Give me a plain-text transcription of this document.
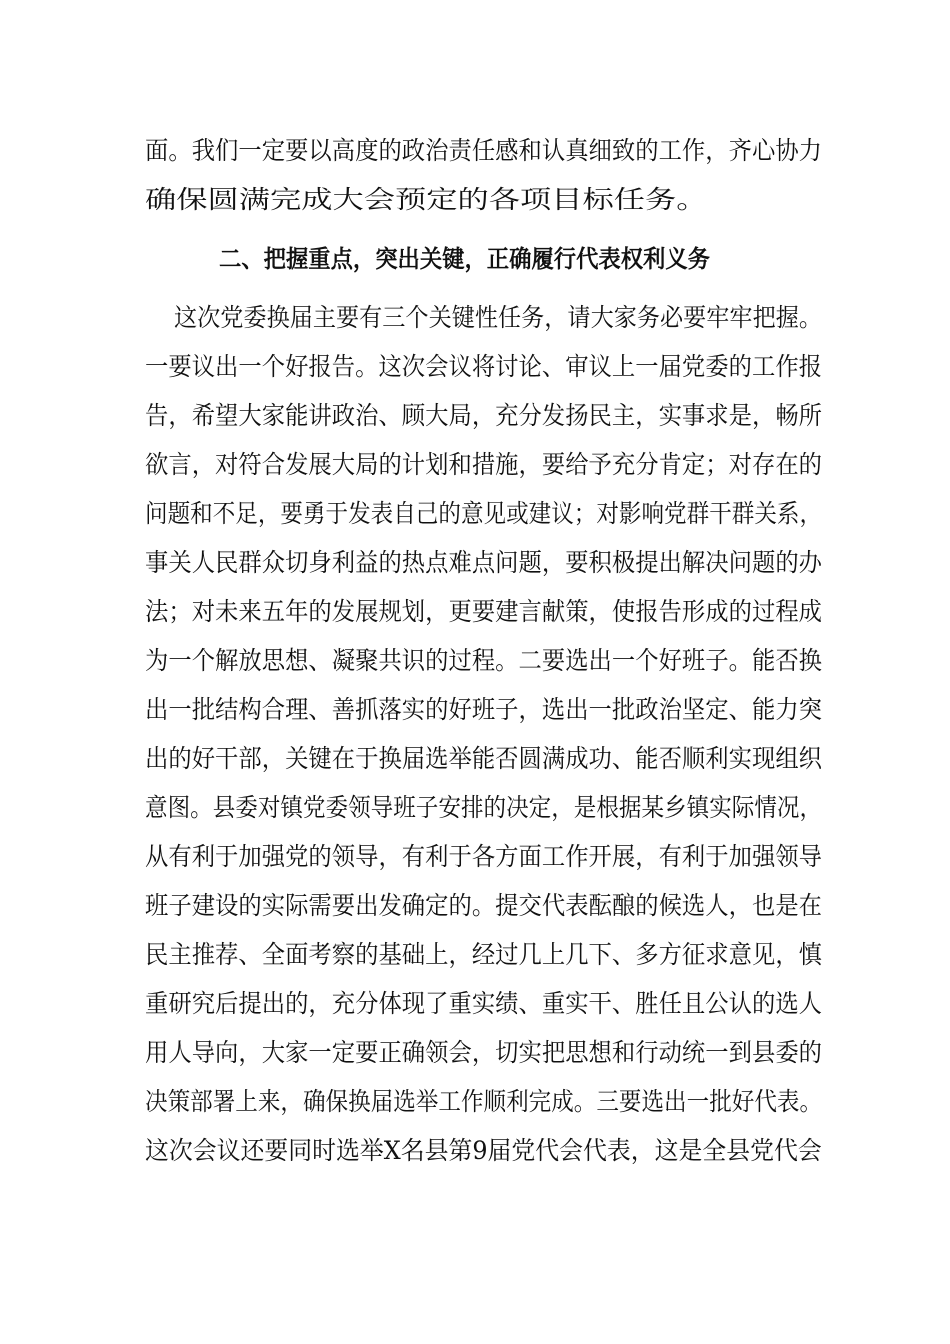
面。我们一定要以高度的政治责任感和认真细致的工作，齐心协力

确保圆满完成大会预定的各项目标任务。

二、把握重点，突出关键，正确履行代表权利义务

这次党委换届主要有三个关键性任务，请大家务必要牢牢把握。

一要议出一个好报告。这次会议将讨论、审议上一届党委的工作报

告，希望大家能讲政治、顾大局，充分发扬民主，实事求是，畅所

欲言，对符合发展大局的计划和措施，要给予充分肯定；对存在的

问题和不足，要勇于发表自己的意见或建议；对影响党群干群关系，

事关人民群众切身利益的热点难点问题，要积极提出解决问题的办

法；对未来五年的发展规划，更要建言献策，使报告形成的过程成

为一个解放思想、凝聚共识的过程。二要选出一个好班子。能否换

出一批结构合理、善抓落实的好班子，选出一批政治坚定、能力突

出的好干部，关键在于换届选举能否圆满成功、能否顺利实现组织

意图。县委对镇党委领导班子安排的决定，是根据某乡镇实际情况，

从有利于加强党的领导，有利于各方面工作开展，有利于加强领导

班子建设的实际需要出发确定的。提交代表酝酿的候选人，也是在

民主推荐、全面考察的基础上，经过几上几下、多方征求意见，慎

重研究后提出的，充分体现了重实绩、重实干、胜任且公认的选人

用人导向，大家一定要正确领会，切实把思想和行动统一到县委的

决策部署上来，确保换届选举工作顺利完成。三要选出一批好代表。

这次会议还要同时选举X名县第9届党代会代表，这是全县党代会
